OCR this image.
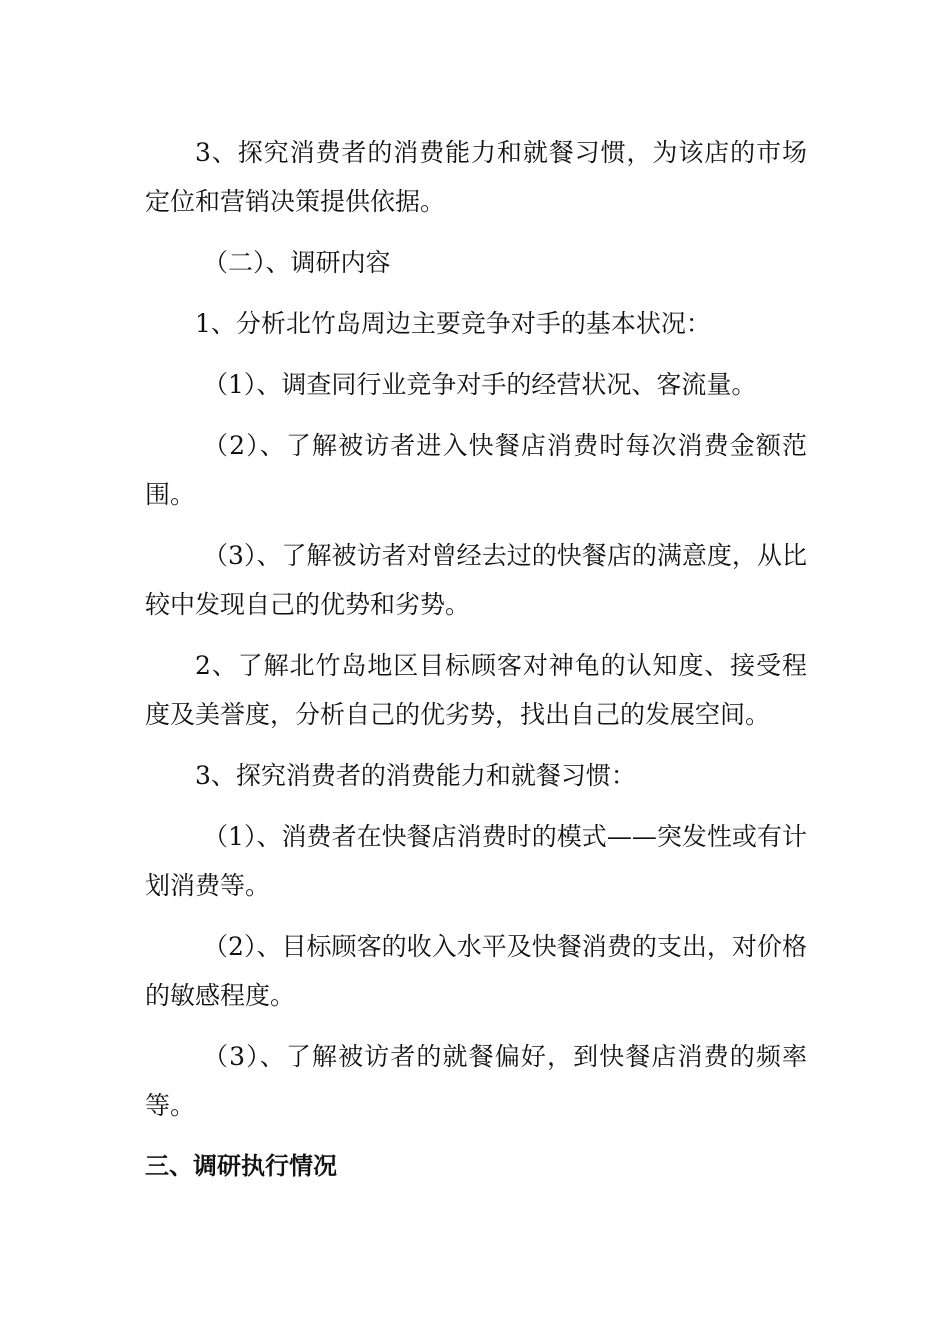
3、探究消费者的消费能力和就餐习惯，为该店的市场定位和营销决策提供依据。

（二）、调研内容

1、分析北竹岛周边主要竞争对手的基本状况：

（1）、调查同行业竞争对手的经营状况、客流量。

（2）、了解被访者进入快餐店消费时每次消费金额范围。

（3）、了解被访者对曾经去过的快餐店的满意度，从比较中发现自己的优势和劣势。

2、了解北竹岛地区目标顾客对神龟的认知度、接受程度及美誉度，分析自己的优劣势，找出自己的发展空间。

3、探究消费者的消费能力和就餐习惯：

（1）、消费者在快餐店消费时的模式——突发性或有计划消费等。

（2）、目标顾客的收入水平及快餐消费的支出，对价格的敏感程度。

（3）、了解被访者的就餐偏好，到快餐店消费的频率等。

三、调研执行情况
